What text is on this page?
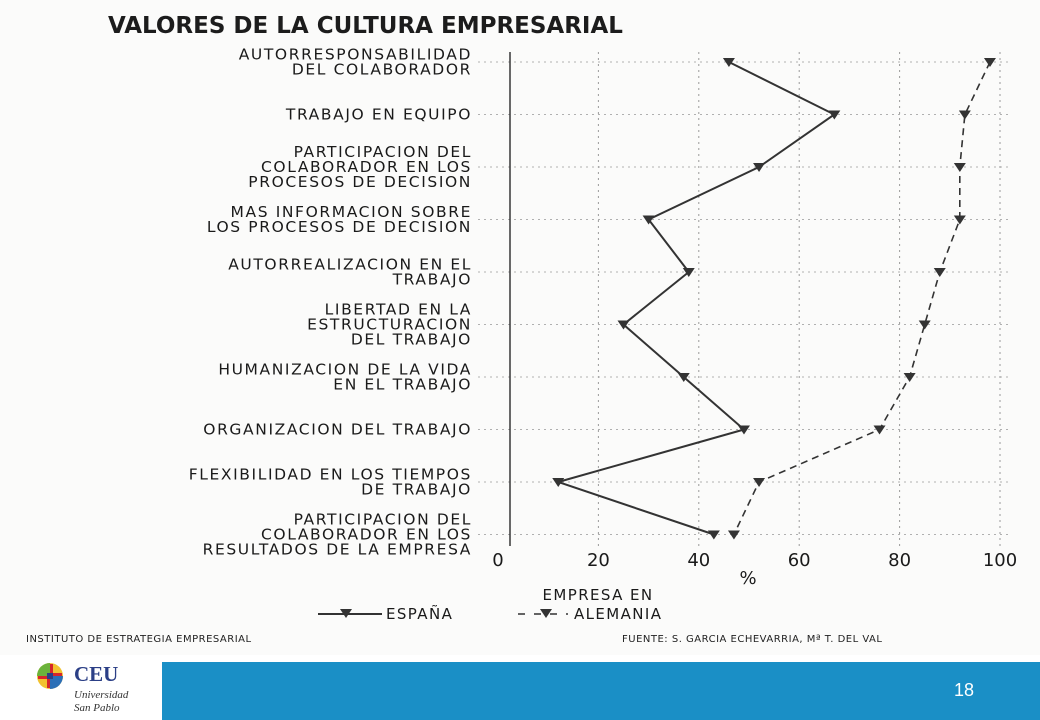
VALORES DE LA CULTURA EMPRESARIAL
AUTORRESPONSABILIDAD
DEL COLABORADOR
TRABAJO EN EQUIPO
PARTICIPACION DEL
COLABORADOR EN LOS
PROCESOS DE DECISION
MAS INFORMACION SOBRE
LOS PROCESOS DE DECISION
AUTORREALIZACION EN EL
TRABAJO
LIBERTAD EN LA
ESTRUCTURACION
DEL TRABAJO
HUMANIZACION DE LA VIDA
EN EL TRABAJO
ORGANIZACION DEL TRABAJO
FLEXIBILIDAD EN LOS TIEMPOS
DE TRABAJO
PARTICIPACION DEL
COLABORADOR EN LOS
RESULTADOS DE LA EMPRESA
0	20	40	60	80	100
%
EMPRESA EN
ESPAÑA	ALEMANIA
INSTITUTO DE ESTRATEGIA EMPRESARIAL	FUENTE: S. GARCIA ECHEVARRIA, Mª T. DEL VAL
CEU
Universidad
San Pablo
18
